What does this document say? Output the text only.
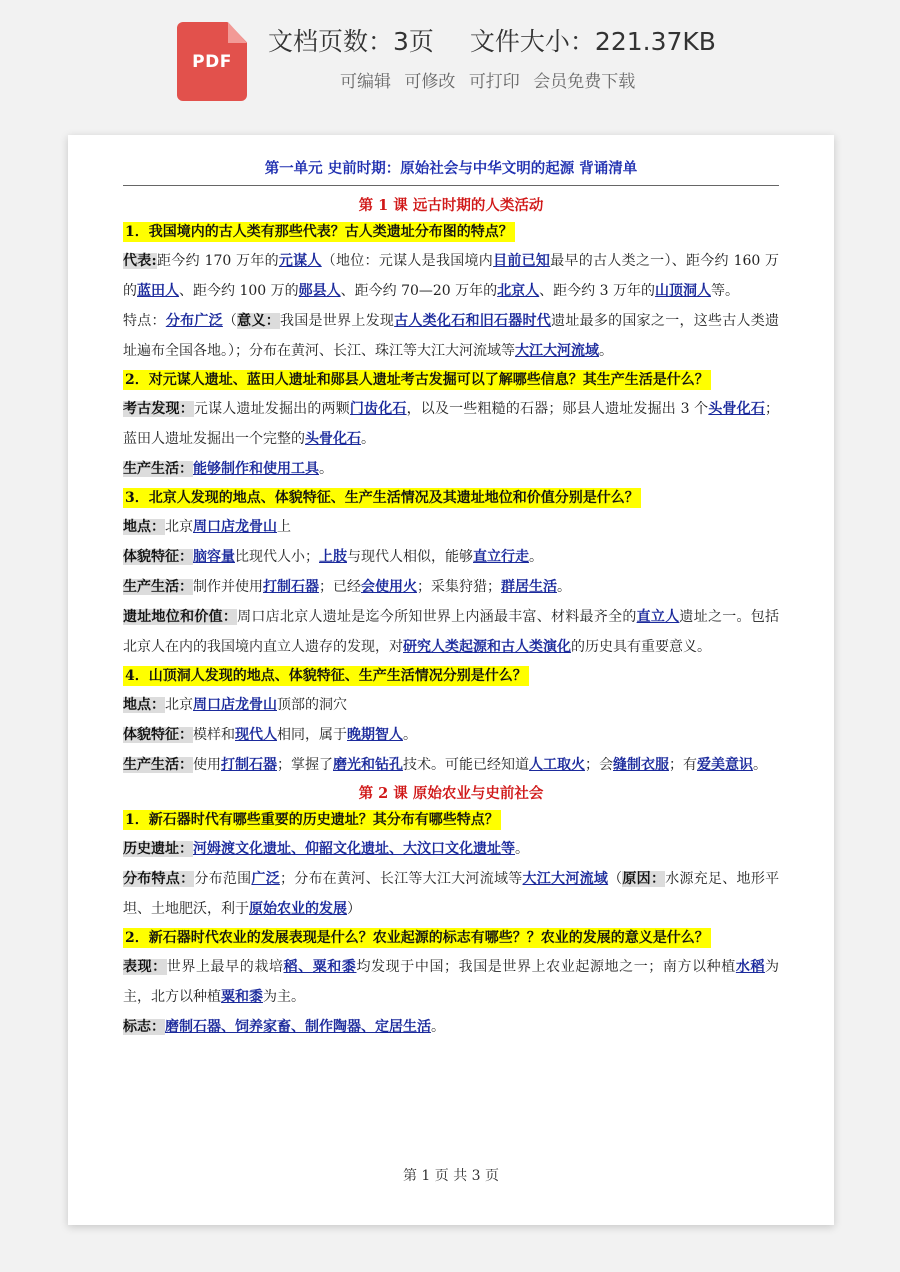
PDF
文档页数：3页 文件大小：221.37KB
可编辑 可修改 可打印 会员免费下载
第一单元 史前时期：原始社会与中华文明的起源 背诵清单
第 1 课 远古时期的人类活动
1．我国境内的古人类有那些代表？古人类遗址分布图的特点？
代表:距今约 170 万年的元谋人（地位：元谋人是我国境内目前已知最早的古人类之一）、距今约 160 万的蓝田人、距今约 100 万的郧县人、距今约 70—20 万年的北京人、距今约 3 万年的山顶洞人等。
特点：分布广泛（意义：我国是世界上发现古人类化石和旧石器时代遗址最多的国家之一，这些古人类遗址遍布全国各地。）；分布在黄河、长江、珠江等大江大河流域等大江大河流域。
2．对元谋人遗址、蓝田人遗址和郧县人遗址考古发掘可以了解哪些信息？其生产生活是什么？
考古发现：元谋人遗址发掘出的两颗门齿化石，以及一些粗糙的石器；郧县人遗址发掘出 3 个头骨化石；蓝田人遗址发掘出一个完整的头骨化石。
生产生活：能够制作和使用工具。
3．北京人发现的地点、体貌特征、生产生活情况及其遗址地位和价值分别是什么？
地点：北京周口店龙骨山上
体貌特征：脑容量比现代人小；上肢与现代人相似，能够直立行走。
生产生活：制作并使用打制石器；已经会使用火；采集狩猎；群居生活。
遗址地位和价值：周口店北京人遗址是迄今所知世界上内涵最丰富、材料最齐全的直立人遗址之一。包括北京人在内的我国境内直立人遗存的发现，对研究人类起源和古人类演化的历史具有重要意义。
4．山顶洞人发现的地点、体貌特征、生产生活情况分别是什么？
地点：北京周口店龙骨山顶部的洞穴
体貌特征：模样和现代人相同，属于晚期智人。
生产生活：使用打制石器；掌握了磨光和钻孔技术。可能已经知道人工取火；会缝制衣服；有爱美意识。
第 2 课 原始农业与史前社会
1．新石器时代有哪些重要的历史遗址？其分布有哪些特点？
历史遗址：河姆渡文化遗址、仰韶文化遗址、大汶口文化遗址等。
分布特点：分布范围广泛；分布在黄河、长江等大江大河流域等大江大河流域（原因：水源充足、地形平坦、土地肥沃，利于原始农业的发展）
2．新石器时代农业的发展表现是什么？农业起源的标志有哪些？？农业的发展的意义是什么？
表现：世界上最早的栽培稻、粟和黍均发现于中国；我国是世界上农业起源地之一；南方以种植水稻为主，北方以种植粟和黍为主。
标志：磨制石器、饲养家畜、制作陶器、定居生活。
第 1 页 共 3 页
